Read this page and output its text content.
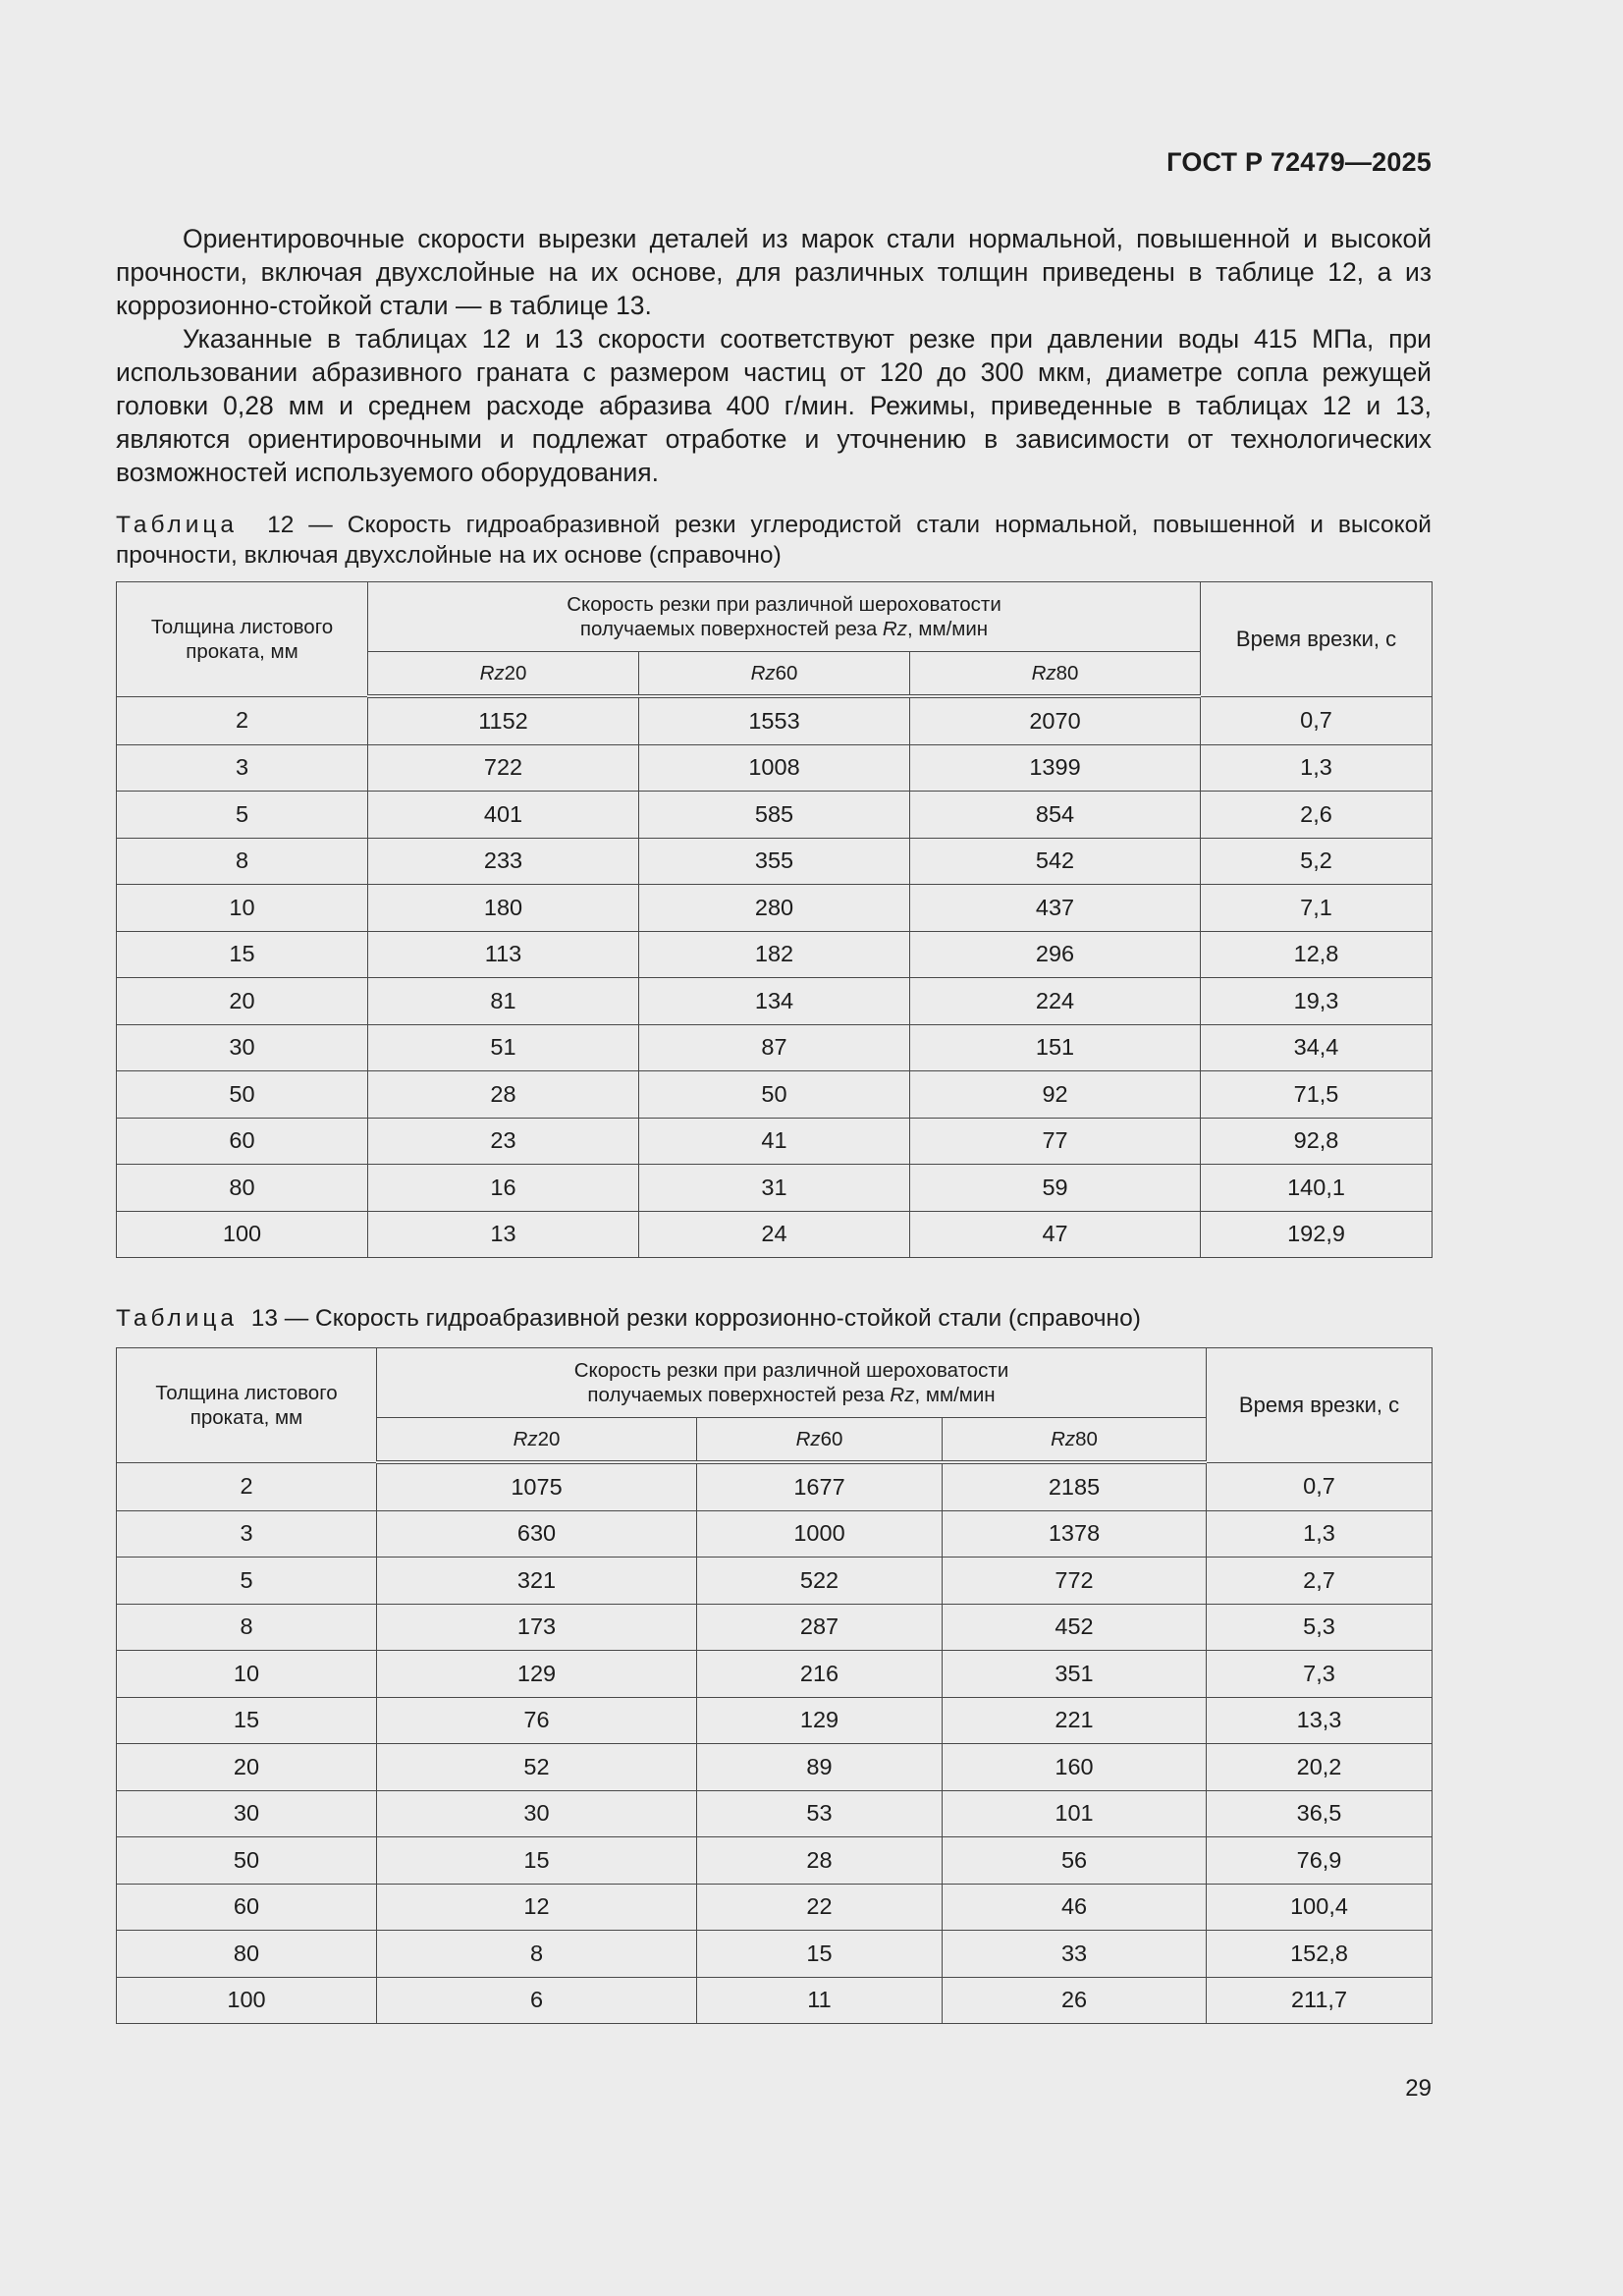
ГОСТ Р 72479—2025

Ориентировочные скорости вырезки деталей из марок стали нормальной, повышенной и высокой прочности, включая двухслойные на их основе, для различных толщин приведены в таблице 12, а из коррозионно-стойкой стали — в таблице 13.

Указанные в таблицах 12 и 13 скорости соответствуют резке при давлении воды 415 МПа, при использовании абразивного граната с размером частиц от 120 до 300 мкм, диаметре сопла режущей головки 0,28 мм и среднем расходе абразива 400 г/мин. Режимы, приведенные в таблицах 12 и 13, являются ориентировочными и подлежат отработке и уточнению в зависимости от технологических возможностей используемого оборудования.

Таблица 12 — Скорость гидроабразивной резки углеродистой стали нормальной, повышенной и высокой прочности, включая двухслойные на их основе (справочно)
Толщина листового проката, мм	Скорость резки при различной шероховатости
получаемых поверхностей реза Rz, мм/мин			Время врезки, с
	Rz20	Rz60	Rz80	
2	1152	1553	2070	0,7
3	722	1008	1399	1,3
5	401	585	854	2,6
8	233	355	542	5,2
10	180	280	437	7,1
15	113	182	296	12,8
20	81	134	224	19,3
30	51	87	151	34,4
50	28	50	92	71,5
60	23	41	77	92,8
80	16	31	59	140,1
100	13	24	47	192,9
Таблица 13 — Скорость гидроабразивной резки коррозионно-стойкой стали (справочно)
Толщина листового проката, мм	Скорость резки при различной шероховатости
получаемых поверхностей реза Rz, мм/мин			Время врезки, с
	Rz20	Rz60	Rz80	
2	1075	1677	2185	0,7
3	630	1000	1378	1,3
5	321	522	772	2,7
8	173	287	452	5,3
10	129	216	351	7,3
15	76	129	221	13,3
20	52	89	160	20,2
30	30	53	101	36,5
50	15	28	56	76,9
60	12	22	46	100,4
80	8	15	33	152,8
100	6	11	26	211,7
29
